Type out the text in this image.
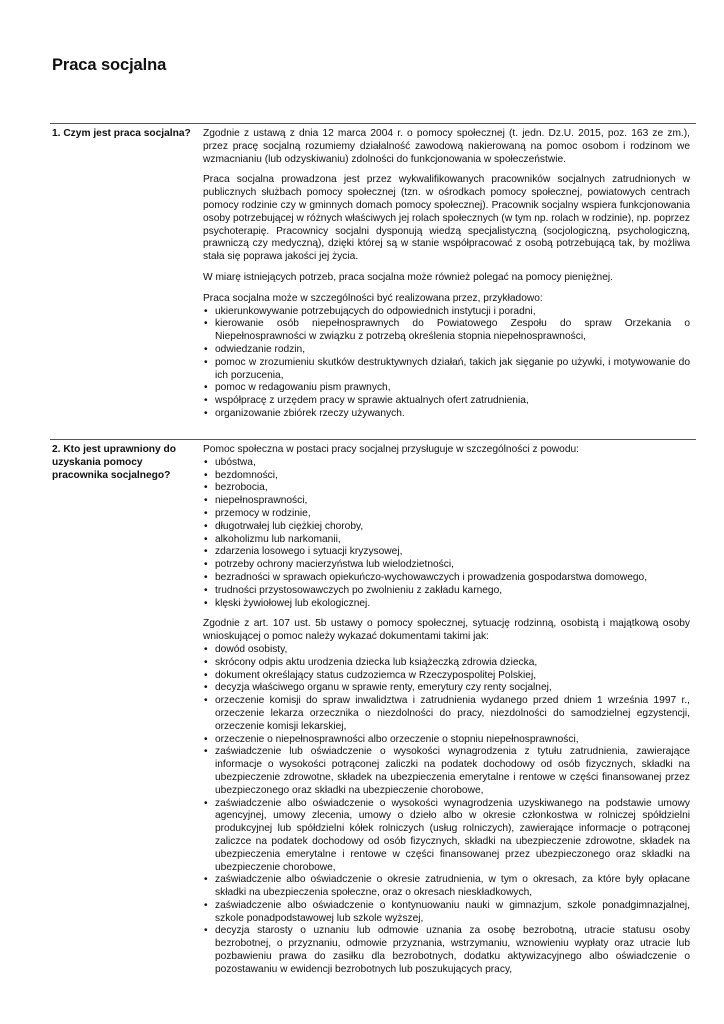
Praca socjalna
1. Czym jest praca socjalna? Zgodnie z ustawą z dnia 12 marca 2004 r. o pomocy społecznej (t. jedn. Dz.U. 2015, poz. 163 ze zm.), przez pracę socjalną rozumiemy działalność zawodową nakierowaną na pomoc osobom i rodzinom we wzmacnianiu (lub odzyskiwaniu) zdolności do funkcjonowania w społeczeństwie.

Praca socjalna prowadzona jest przez wykwalifikowanych pracowników socjalnych zatrudnionych w publicznych służbach pomocy społecznej (tzn. w ośrodkach pomocy społecznej, powiatowych centrach pomocy rodzinie czy w gminnych domach pomocy społecznej). Pracownik socjalny wspiera funkcjonowania osoby potrzebującej w różnych właściwych jej rolach społecznych (w tym np. rolach w rodzinie), np. poprzez psychoterapię. Pracownicy socjalni dysponują wiedzą specjalistyczną (socjologiczną, psychologiczną, prawniczą czy medyczną), dzięki której są w stanie współpracować z osobą potrzebującą tak, by możliwa stała się poprawa jakości jej życia.

W miarę istniejących potrzeb, praca socjalna może również polegać na pomocy pieniężnej.

Praca socjalna może w szczególności być realizowana przez, przykładowo:

• ukierunkowywanie potrzebujących do odpowiednich instytucji i poradni,
• kierowanie osób niepełnosprawnych do Powiatowego Zespołu do spraw Orzekania o Niepełnosprawności w związku z potrzebą określenia stopnia niepełnosprawności,
• odwiedzanie rodzin,
• pomoc w zrozumieniu skutków destruktywnych działań, takich jak sięganie po używki, i motywowanie do ich porzucenia,
• pomoc w redagowaniu pism prawnych,
• współpracę z urzędem pracy w sprawie aktualnych ofert zatrudnienia,
• organizowanie zbiórek rzeczy używanych.
2. Kto jest uprawniony do uzyskania pomocy pracownika socjalnego?

Pomoc społeczna w postaci pracy socjalnej przysługuje w szczególności z powodu:

• ubóstwa,
• bezdomności,
• bezrobocia,
• niepełnosprawności,
• przemocy w rodzinie,
• długotrwałej lub ciężkiej choroby,
• alkoholizmu lub narkomanii,
• zdarzenia losowego i sytuacji kryzysowej,
• potrzeby ochrony macierzyństwa lub wielodzietności,
• bezradności w sprawach opiekuńczo-wychowawczych i prowadzenia gospodarstwa domowego,
• trudności przystosowawczych po zwolnieniu z zakładu karnego,
• klęski żywiołowej lub ekologicznej.

Zgodnie z art. 107 ust. 5b ustawy o pomocy społecznej, sytuację rodzinną, osobistą i majątkową osoby wnioskującej o pomoc należy wykazać dokumentami takimi jak:

• dowód osobisty,
• skrócony odpis aktu urodzenia dziecka lub książeczką zdrowia dziecka,
• dokument określający status cudzoziemca w Rzeczypospolitej Polskiej,
• decyzja właściwego organu w sprawie renty, emerytury czy renty socjalnej,
• orzeczenie komisji do spraw inwalidztwa i zatrudnienia wydanego przed dniem 1 września 1997 r., orzeczenie lekarza orzecznika o niezdolności do pracy, niezdolności do samodzielnej egzystencji, orzeczenie komisji lekarskiej,
• orzeczenie o niepełnosprawności albo orzeczenie o stopniu niepełnosprawności,
• zaświadczenie lub oświadczenie o wysokości wynagrodzenia z tytułu zatrudnienia, zawierające informacje o wysokości potrąconej zaliczki na podatek dochodowy od osób fizycznych, składki na ubezpieczenie zdrowotne, składek na ubezpieczenia emerytalne i rentowe w części finansowanej przez ubezpieczonego oraz składki na ubezpieczenie chorobowe,
• zaświadczenie albo oświadczenie o wysokości wynagrodzenia uzyskiwanego na podstawie umowy agencyjnej, umowy zlecenia, umowy o dzieło albo w okresie członkostwa w rolniczej spółdzielni produkcyjnej lub spółdzielni kółek rolniczych (usług rolniczych), zawierające informacje o potrąconej zaliczce na podatek dochodowy od osób fizycznych, składki na ubezpieczenie zdrowotne, składek na ubezpieczenia emerytalne i rentowe w części finansowanej przez ubezpieczonego oraz składki na ubezpieczenie chorobowe,
• zaświadczenie albo oświadczenie o okresie zatrudnienia, w tym o okresach, za które były opłacane składki na ubezpieczenia społeczne, oraz o okresach nieskładkowych,
• zaświadczenie albo oświadczenie o kontynuowaniu nauki w gimnazjum, szkole ponadgimnazjalnej, szkole ponadpodstawowej lub szkole wyższej,
• decyzja starosty o uznaniu lub odmowie uznania za osobę bezrobotną, utracie statusu osoby bezrobotnej, o przyznaniu, odmowie przyznania, wstrzymaniu, wznowieniu wypłaty oraz utracie lub pozbawieniu prawa do zasiłku dla bezrobotnych, dodatku aktywizacyjnego albo oświadczenie o pozostawaniu w ewidencji bezrobotnych lub poszukujących pracy,
